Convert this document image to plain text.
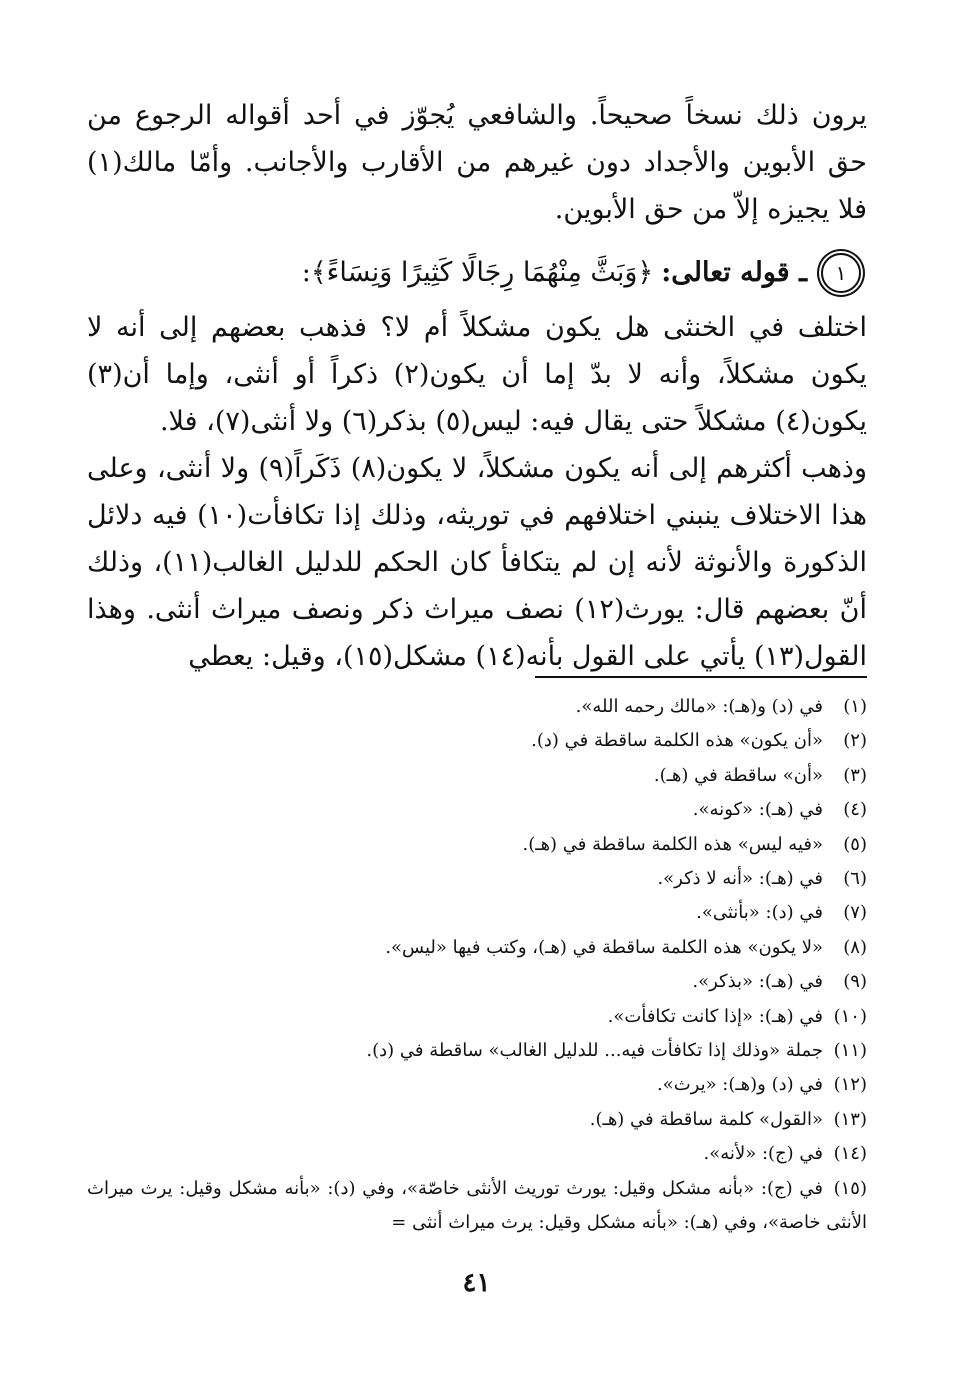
يرون ذلك نسخاً صحيحاً. والشافعي يُجوّز في أحد أقواله الرجوع من حق الأبوين والأجداد دون غيرهم من الأقارب والأجانب. وأمّا مالك(١) فلا يجيزه إلاّ من حق الأبوين.

١
ـ قوله تعالى:
﴿وَبَثَّ مِنْهُمَا رِجَالًا كَثِيرًا وَنِسَاءً﴾:

اختلف في الخنثى هل يكون مشكلاً أم لا؟ فذهب بعضهم إلى أنه لا يكون مشكلاً، وأنه لا بدّ إما أن يكون(٢) ذكراً أو أنثى، وإما أن(٣) يكون(٤) مشكلاً حتى يقال فيه: ليس(٥) بذكر(٦) ولا أنثى(٧)، فلا.

وذهب أكثرهم إلى أنه يكون مشكلاً، لا يكون(٨) ذَكَراً(٩) ولا أنثى، وعلى هذا الاختلاف ينبني اختلافهم في توريثه، وذلك إذا تكافأت(١٠) فيه دلائل الذكورة والأنوثة لأنه إن لم يتكافأ كان الحكم للدليل الغالب(١١)، وذلك أنّ بعضهم قال: يورث(١٢) نصف ميراث ذكر ونصف ميراث أنثى. وهذا القول(١٣) يأتي على القول بأنه(١٤) مشكل(١٥)، وقيل: يعطي

(١)في (د) و(هـ): «مالك رحمه الله».
(٢)«أن يكون» هذه الكلمة ساقطة في (د).
(٣)«أن» ساقطة في (هـ).
(٤)في (هـ): «كونه».
(٥)«فيه ليس» هذه الكلمة ساقطة في (هـ).
(٦)في (هـ): «أنه لا ذكر».
(٧)في (د): «بأنثى».
(٨)«لا يكون» هذه الكلمة ساقطة في (هـ)، وكتب فيها «ليس».
(٩)في (هـ): «بذكر».
(١٠)في (هـ): «إذا كانت تكافأت».
(١١)جملة «وذلك إذا تكافأت فيه... للدليل الغالب» ساقطة في (د).
(١٢)في (د) و(هـ): «يرث».
(١٣)«القول» كلمة ساقطة في (هـ).
(١٤)في (ج): «لأنه».
(١٥)في (ج): «بأنه مشكل وقيل: يورث توريث الأنثى خاصّة»، وفي (د): «بأنه مشكل وقيل: يرث ميراث الأنثى خاصة»، وفي (هـ): «بأنه مشكل وقيل: يرث ميراث أنثى =
٤١
